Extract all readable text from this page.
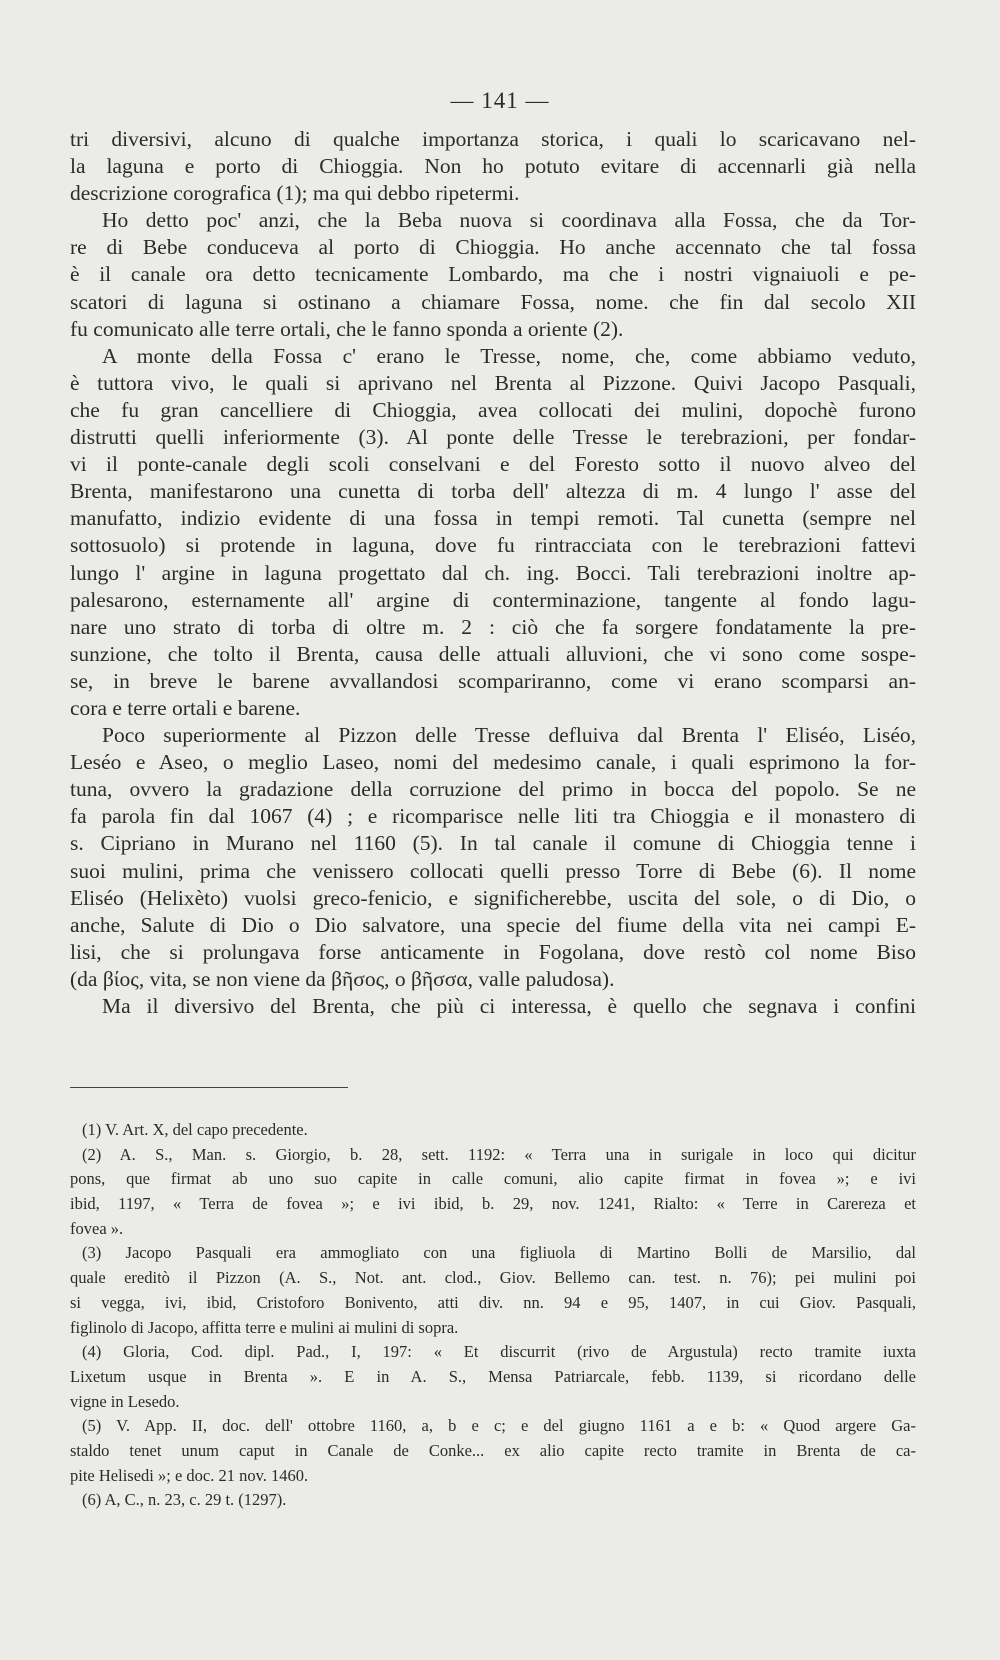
— 141 —
tri diversivi, alcuno di qualche importanza storica, i quali lo scaricavano nel-
la laguna e porto di Chioggia. Non ho potuto evitare di accennarli già nella
descrizione corografica (1); ma qui debbo ripetermi.
Ho detto poc' anzi, che la Beba nuova si coordinava alla Fossa, che da Tor-
re di Bebe conduceva al porto di Chioggia. Ho anche accennato che tal fossa
è il canale ora detto tecnicamente Lombardo, ma che i nostri vignaiuoli e pe-
scatori di laguna si ostinano a chiamare Fossa, nome. che fin dal secolo XII
fu comunicato alle terre ortali, che le fanno sponda a oriente (2).
A monte della Fossa c' erano le Tresse, nome, che, come abbiamo veduto,
è tuttora vivo, le quali si aprivano nel Brenta al Pizzone. Quivi Jacopo Pasquali,
che fu gran cancelliere di Chioggia, avea collocati dei mulini, dopochè furono
distrutti quelli inferiormente (3). Al ponte delle Tresse le terebrazioni, per fondar-
vi il ponte-canale degli scoli conselvani e del Foresto sotto il nuovo alveo del
Brenta, manifestarono una cunetta di torba dell' altezza di m. 4 lungo l' asse del
manufatto, indizio evidente di una fossa in tempi remoti. Tal cunetta (sempre nel
sottosuolo) si protende in laguna, dove fu rintracciata con le terebrazioni fattevi
lungo l' argine in laguna progettato dal ch. ing. Bocci. Tali terebrazioni inoltre ap-
palesarono, esternamente all' argine di conterminazione, tangente al fondo lagu-
nare uno strato di torba di oltre m. 2 : ciò che fa sorgere fondatamente la pre-
sunzione, che tolto il Brenta, causa delle attuali alluvioni, che vi sono come sospe-
se, in breve le barene avvallandosi scompariranno, come vi erano scomparsi an-
cora e terre ortali e barene.
Poco superiormente al Pizzon delle Tresse defluiva dal Brenta l' Eliséo, Liséo,
Leséo e Aseo, o meglio Laseo, nomi del medesimo canale, i quali esprimono la for-
tuna, ovvero la gradazione della corruzione del primo in bocca del popolo. Se ne
fa parola fin dal 1067 (4) ; e ricomparisce nelle liti tra Chioggia e il monastero di
s. Cipriano in Murano nel 1160 (5). In tal canale il comune di Chioggia tenne i
suoi mulini, prima che venissero collocati quelli presso Torre di Bebe (6). Il nome
Eliséo (Helixèto) vuolsi greco-fenicio, e significherebbe, uscita del sole, o di Dio, o
anche, Salute di Dio o Dio salvatore, una specie del fiume della vita nei campi E-
lisi, che si prolungava forse anticamente in Fogolana, dove restò col nome Biso
(da βίος, vita, se non viene da βῆσος, o βῆσσα, valle paludosa).
Ma il diversivo del Brenta, che più ci interessa, è quello che segnava i confini
(1) V. Art. X, del capo precedente.
(2) A. S., Man. s. Giorgio, b. 28, sett. 1192: « Terra una in surigale in loco qui dicitur
pons, que firmat ab uno suo capite in calle comuni, alio capite firmat in fovea »; e ivi
ibid, 1197, « Terra de fovea »; e ivi ibid, b. 29, nov. 1241, Rialto: « Terre in Carereza et
fovea ».
(3) Jacopo Pasquali era ammogliato con una figliuola di Martino Bolli de Marsilio, dal
quale ereditò il Pizzon (A. S., Not. ant. clod., Giov. Bellemo can. test. n. 76); pei mulini poi
si vegga, ivi, ibid, Cristoforo Bonivento, atti div. nn. 94 e 95, 1407, in cui Giov. Pasquali,
figlinolo di Jacopo, affitta terre e mulini ai mulini di sopra.
(4) Gloria, Cod. dipl. Pad., I, 197: « Et discurrit (rivo de Argustula) recto tramite iuxta
Lixetum usque in Brenta ». E in A. S., Mensa Patriarcale, febb. 1139, si ricordano delle
vigne in Lesedo.
(5) V. App. II, doc. dell' ottobre 1160, a, b e c; e del giugno 1161 a e b: « Quod argere Ga-
staldo tenet unum caput in Canale de Conke... ex alio capite recto tramite in Brenta de ca-
pite Helisedi »; e doc. 21 nov. 1460.
(6) A, C., n. 23, c. 29 t. (1297).
